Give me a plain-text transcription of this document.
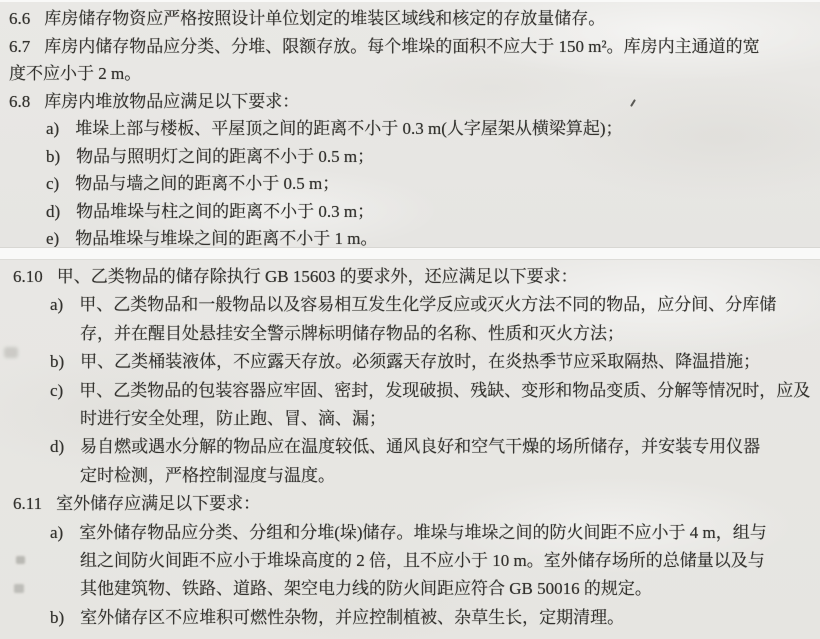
6.6 库房储存物资应严格按照设计单位划定的堆装区域线和核定的存放量储存。
6.7 库房内储存物品应分类、分堆、限额存放。每个堆垛的面积不应大于 150 m²。库房内主通道的宽
度不应小于 2 m。
6.8 库房内堆放物品应满足以下要求：
a) 堆垛上部与楼板、平屋顶之间的距离不小于 0.3 m(人字屋架从横梁算起)；
b) 物品与照明灯之间的距离不小于 0.5 m；
c) 物品与墙之间的距离不小于 0.5 m；
d) 物品堆垛与柱之间的距离不小于 0.3 m；
e) 物品堆垛与堆垛之间的距离不小于 1 m。
6.10 甲、乙类物品的储存除执行 GB 15603 的要求外，还应满足以下要求：
a) 甲、乙类物品和一般物品以及容易相互发生化学反应或灭火方法不同的物品，应分间、分库储
存，并在醒目处悬挂安全警示牌标明储存物品的名称、性质和灭火方法；
b) 甲、乙类桶装液体，不应露天存放。必须露天存放时，在炎热季节应采取隔热、降温措施；
c) 甲、乙类物品的包装容器应牢固、密封，发现破损、残缺、变形和物品变质、分解等情况时，应及
时进行安全处理，防止跑、冒、滴、漏；
d) 易自燃或遇水分解的物品应在温度较低、通风良好和空气干燥的场所储存，并安装专用仪器
定时检测，严格控制湿度与温度。
6.11 室外储存应满足以下要求：
a) 室外储存物品应分类、分组和分堆(垛)储存。堆垛与堆垛之间的防火间距不应小于 4 m，组与
组之间防火间距不应小于堆垛高度的 2 倍，且不应小于 10 m。室外储存场所的总储量以及与
其他建筑物、铁路、道路、架空电力线的防火间距应符合 GB 50016 的规定。
b) 室外储存区不应堆积可燃性杂物，并应控制植被、杂草生长，定期清理。
